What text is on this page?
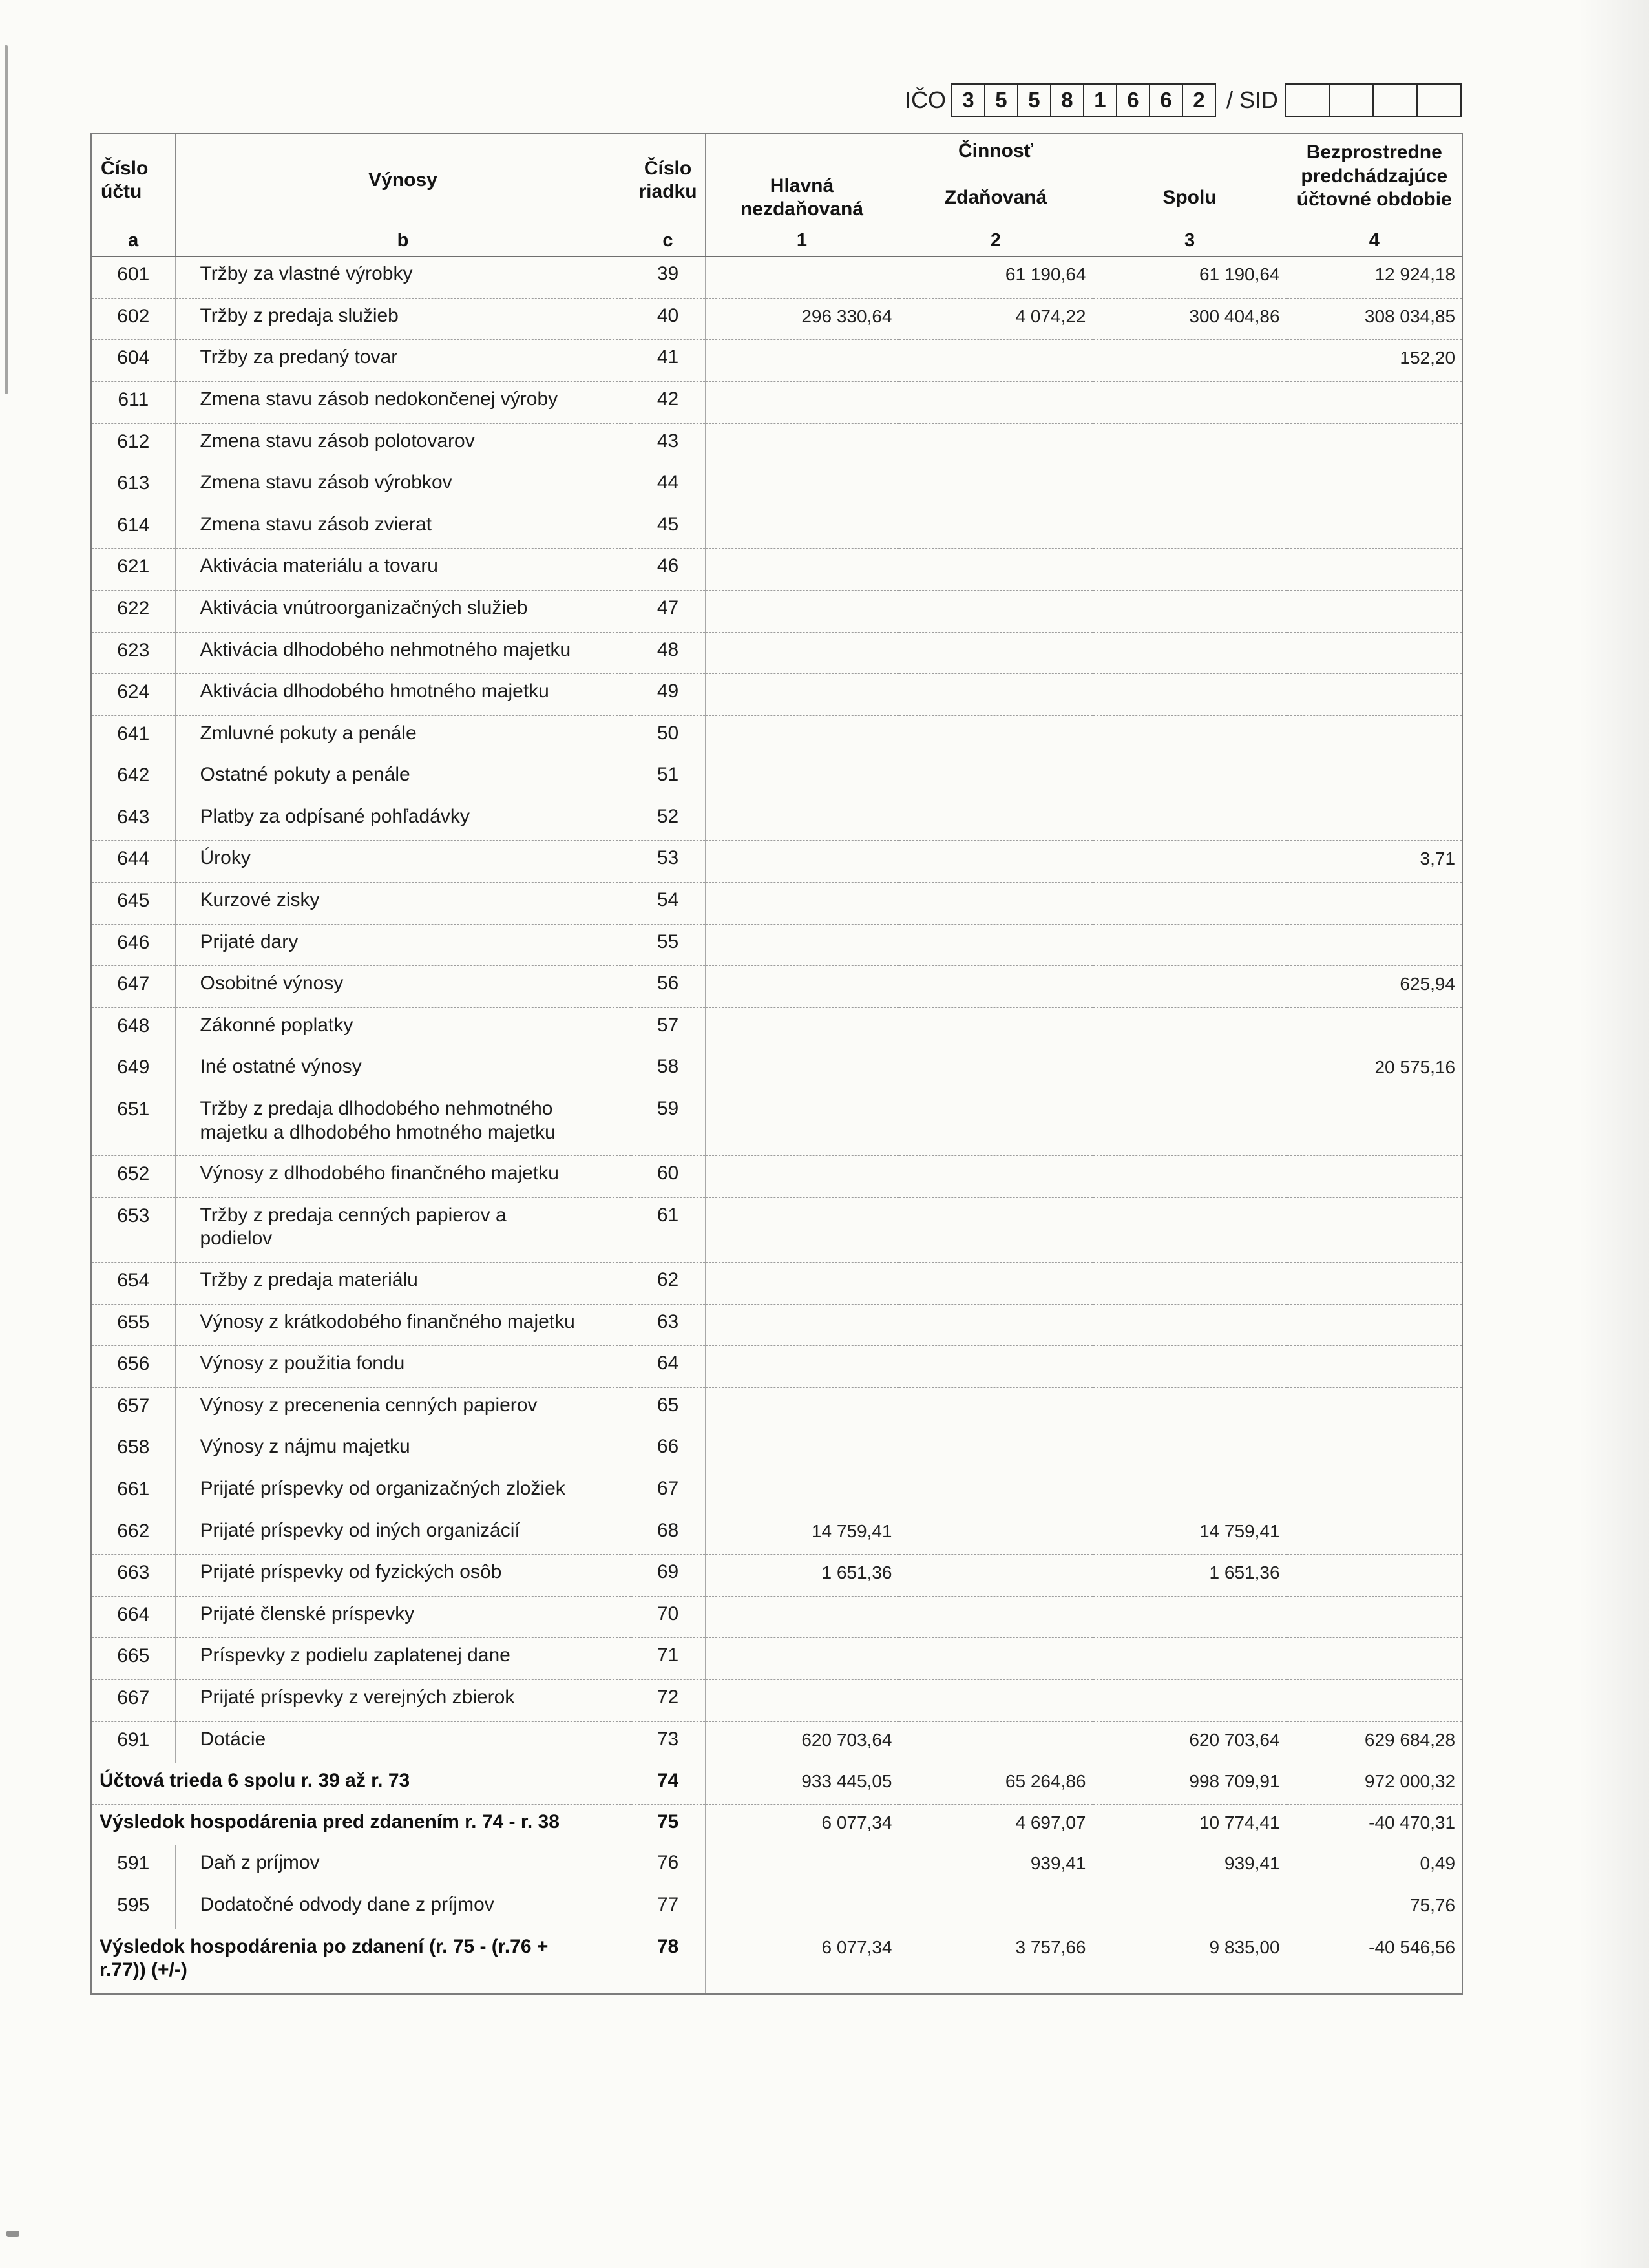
IČO 3 5 5 8 1 6 6 2 / SID
Číslo účtu	Výnosy	Číslo riadku	Činnosť			Bezprostredne predchádzajúce účtovné obdobie
			Hlavná nezdaňovaná	Zdaňovaná	Spolu	
a	b	c	1	2	3	4
601	Tržby za vlastné výrobky	39		61 190,64	61 190,64	12 924,18
602	Tržby z predaja služieb	40	296 330,64	4 074,22	300 404,86	308 034,85
604	Tržby za predaný tovar	41				152,20
611	Zmena stavu zásob nedokončenej výroby	42				
612	Zmena stavu zásob polotovarov	43				
613	Zmena stavu zásob výrobkov	44				
614	Zmena stavu zásob zvierat	45				
621	Aktivácia materiálu a tovaru	46				
622	Aktivácia vnútroorganizačných služieb	47				
623	Aktivácia dlhodobého nehmotného majetku	48				
624	Aktivácia dlhodobého hmotného majetku	49				
641	Zmluvné pokuty a penále	50				
642	Ostatné pokuty a penále	51				
643	Platby za odpísané pohľadávky	52				
644	Úroky	53				3,71
645	Kurzové zisky	54				
646	Prijaté dary	55				
647	Osobitné výnosy	56				625,94
648	Zákonné poplatky	57				
649	Iné ostatné výnosy	58				20 575,16
651	Tržby z predaja dlhodobého nehmotného majetku a dlhodobého hmotného majetku	59				
652	Výnosy z dlhodobého finančného majetku	60				
653	Tržby z predaja cenných papierov a podielov	61				
654	Tržby z predaja materiálu	62				
655	Výnosy z krátkodobého finančného majetku	63				
656	Výnosy z použitia fondu	64				
657	Výnosy z precenenia cenných papierov	65				
658	Výnosy z nájmu majetku	66				
661	Prijaté príspevky od organizačných zložiek	67				
662	Prijaté príspevky od iných organizácií	68	14 759,41		14 759,41	
663	Prijaté príspevky od fyzických osôb	69	1 651,36		1 651,36	
664	Prijaté členské príspevky	70				
665	Príspevky z podielu zaplatenej dane	71				
667	Prijaté príspevky z verejných zbierok	72				
691	Dotácie	73	620 703,64		620 703,64	629 684,28
Účtová trieda 6 spolu r. 39 až r. 73		74	933 445,05	65 264,86	998 709,91	972 000,32
Výsledok hospodárenia pred zdanením r. 74 - r. 38		75	6 077,34	4 697,07	10 774,41	-40 470,31
591	Daň z príjmov	76		939,41	939,41	0,49
595	Dodatočné odvody dane z príjmov	77				75,76
Výsledok hospodárenia po zdanení (r. 75 - (r.76 + r.77)) (+/-)		78	6 077,34	3 757,66	9 835,00	-40 546,56
